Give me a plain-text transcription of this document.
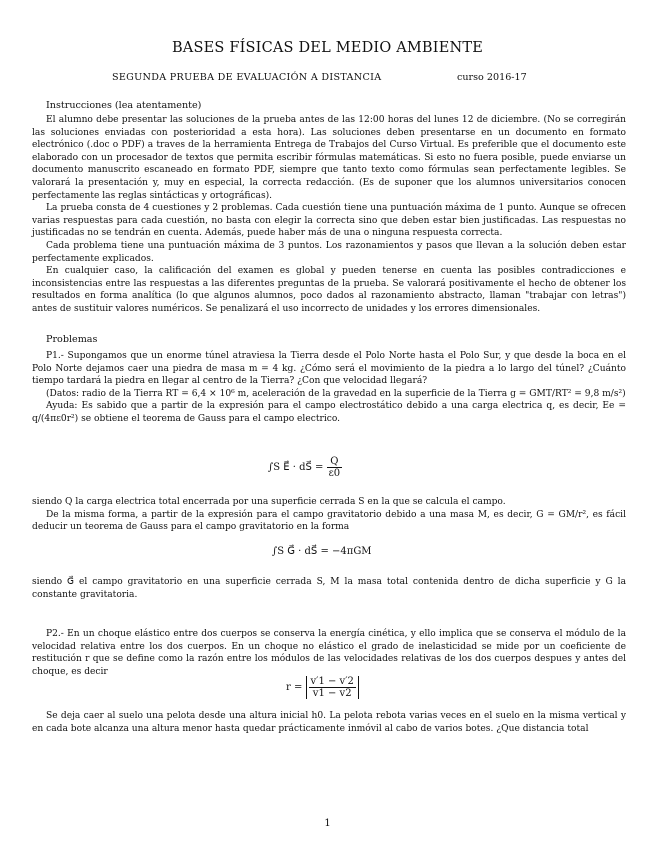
BASES FÍSICAS DEL MEDIO AMBIENTE
SEGUNDA PRUEBA DE EVALUACIÓN A DISTANCIA	curso 2016-17
Instrucciones (lea atentamente)

El alumno debe presentar las soluciones de la prueba antes de las 12:00 horas del lunes 12 de diciembre. (No se corregirán las soluciones enviadas con posterioridad a esta hora). Las soluciones deben presentarse en un documento en formato electrónico (.doc o PDF) a traves de la herramienta Entrega de Trabajos del Curso Virtual. Es preferible que el documento este elaborado con un procesador de textos que permita escribir fórmulas matemáticas. Si esto no fuera posible, puede enviarse un documento manuscrito escaneado en formato PDF, siempre que tanto texto como fórmulas sean perfectamente legibles. Se valorará la presentación y, muy en especial, la correcta redacción. (Es de suponer que los alumnos universitarios conocen perfectamente las reglas sintácticas y ortográficas).

La prueba consta de 4 cuestiones y 2 problemas. Cada cuestión tiene una puntuación máxima de 1 punto. Aunque se ofrecen varias respuestas para cada cuestión, no basta con elegir la correcta sino que deben estar bien justificadas. Las respuestas no justificadas no se tendrán en cuenta. Además, puede haber más de una o ninguna respuesta correcta.

Cada problema tiene una puntuación máxima de 3 puntos. Los razonamientos y pasos que llevan a la solución deben estar perfectamente explicados.

En cualquier caso, la calificación del examen es global y pueden tenerse en cuenta las posibles contradicciones e inconsistencias entre las respuestas a las diferentes preguntas de la prueba. Se valorará positivamente el hecho de obtener los resultados en forma analítica (lo que algunos alumnos, poco dados al razonamiento abstracto, llaman "trabajar con letras") antes de sustituir valores numéricos. Se penalizará el uso incorrecto de unidades y los errores dimensionales.

Problemas

P1.- Supongamos que un enorme túnel atraviesa la Tierra desde el Polo Norte hasta el Polo Sur, y que desde la boca en el Polo Norte dejamos caer una piedra de masa m = 4 kg. ¿Cómo será el movimiento de la piedra a lo largo del túnel? ¿Cuánto tiempo tardará la piedra en llegar al centro de la Tierra? ¿Con que velocidad llegará?

(Datos: radio de la Tierra RT = 6,4 × 10⁶ m, aceleración de la gravedad en la superficie de la Tierra g = GMT/RT² = 9,8 m/s²)

Ayuda: Es sabido que a partir de la expresión para el campo electrostático debido a una carga electrica q, es decir, Ee = q/(4πε0r²) se obtiene el teorema de Gauss para el campo electrico.

∫S E⃗ · dS⃗ = $\frac{Q}{\varepsilon 0}$

siendo Q la carga electrica total encerrada por una superficie cerrada S en la que se calcula el campo.

De la misma forma, a partir de la expresión para el campo gravitatorio debido a una masa M, es decir, G = GM/r², es fácil deducir un teorema de Gauss para el campo gravitatorio en la forma

∫S G⃗ · dS⃗ = −4πGM

siendo G⃗ el campo gravitatorio en una superficie cerrada S, M la masa total contenida dentro de dicha superficie y G la constante gravitatoria.

P2.- En un choque elástico entre dos cuerpos se conserva la energía cinética, y ello implica que se conserva el módulo de la velocidad relativa entre los dos cuerpos. En un choque no elástico el grado de inelasticidad se mide por un coeficiente de restitución r que se define como la razón entre los módulos de las velocidades relativas de los dos cuerpos despues y antes del choque, es decir

$r = \frac{v'1 - v'2}{v1 - v2}$

Se deja caer al suelo una pelota desde una altura inicial h0. La pelota rebota varias veces en el suelo en la misma vertical y en cada bote alcanza una altura menor hasta quedar prácticamente inmóvil al cabo de varios botes. ¿Que distancia total

1
